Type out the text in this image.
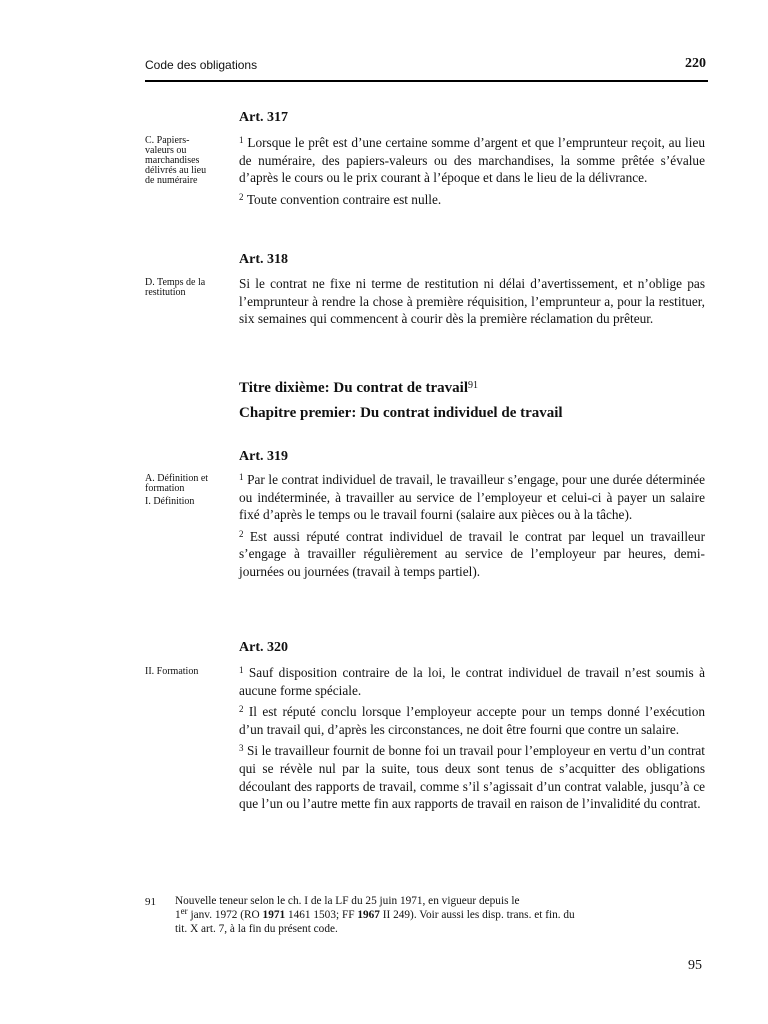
Code des obligations	220
Art. 317
C. Papiers-
valeurs ou
marchandises
délivrés au lieu
de numéraire

$^1$ Lorsque le prêt est d’une certaine somme d’argent et que l’emprunteur reçoit, au lieu de numéraire, des papiers-valeurs ou des marchandises, la somme prêtée s’évalue d’après le cours ou le prix courant à l’époque et dans le lieu de la délivrance.

$^2$ Toute convention contraire est nulle.

Art. 318
D. Temps de la
restitution

Si le contrat ne fixe ni terme de restitution ni délai d’avertissement, et n’oblige pas l’emprunteur à rendre la chose à première réquisition, l’emprunteur a, pour la restituer, six semaines qui commencent à courir dès la première réclamation du prêteur.

Titre dixième: Du contrat de travail$^{91}$
Chapitre premier: Du contrat individuel de travail
Art. 319
A. Définition et
formation
I. Définition

$^1$ Par le contrat individuel de travail, le travailleur s’engage, pour une durée déterminée ou indéterminée, à travailler au service de l’employeur et celui-ci à payer un salaire fixé d’après le temps ou le travail fourni (salaire aux pièces ou à la tâche).

$^2$ Est aussi réputé contrat individuel de travail le contrat par lequel un travailleur s’engage à travailler régulièrement au service de l’employeur par heures, demi-journées ou journées (travail à temps partiel).

Art. 320
II. Formation	$^1$ Sauf disposition contraire de la loi, le contrat individuel de travail n’est soumis à aucune forme spéciale.

$^2$ Il est réputé conclu lorsque l’employeur accepte pour un temps donné l’exécution d’un travail qui, d’après les circonstances, ne doit être fourni que contre un salaire.

$^3$ Si le travailleur fournit de bonne foi un travail pour l’employeur en vertu d’un contrat qui se révèle nul par la suite, tous deux sont tenus de s’acquitter des obligations découlant des rapports de travail, comme s’il s’agissait d’un contrat valable, jusqu’à ce que l’un ou l’autre mette fin aux rapports de travail en raison de l’invalidité du contrat.

91 Nouvelle teneur selon le ch. I de la LF du 25 juin 1971, en vigueur depuis le
1er janv. 1972 (RO 1971 1461 1503; FF 1967 II 249). Voir aussi les disp. trans. et fin. du
tit. X art. 7, à la fin du présent code.
95
